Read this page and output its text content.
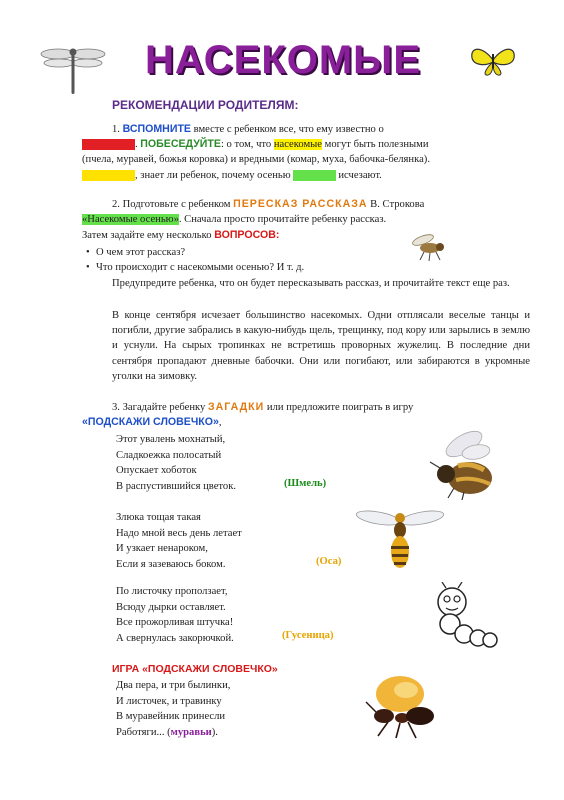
НАСЕКОМЫЕ
РЕКОМЕНДАЦИИ РОДИТЕЛЯМ:
1. ВСПОМНИТЕ вместе с ребенком все, что ему известно о
. ПОБЕСЕДУЙТЕ: о том, что насекомые могут быть полезными
(пчела, муравей, божья коровка) и вредными (комар, муха, бабочка-белянка).
, знает ли ребенок, почему осенью	исчезают.
2. Подготовьте с ребенком ПЕРЕСКАЗ РАССКАЗА В. Строкова
«Насекомые осенью». Сначала просто прочитайте ребенку рассказ.
Затем задайте ему несколько ВОПРОСОВ:
• О чем этот рассказ?
• Что происходит с насекомыми осенью? И т. д.
Предупредите ребенка, что он будет пересказывать рассказ, и прочитайте текст еще раз.
В конце сентября исчезает большинство насекомых. Одни отплясали веселые танцы и погибли, другие забрались в какую-нибудь щель, трещинку, под кору или зарылись в землю и уснули. На сырых тропинках не встретишь проворных жужелиц. В последние дни сентября пропадают дневные бабочки. Они или погибают, или забираются в укромные уголки на зимовку.
3. Загадайте ребенку ЗАГАДКИ или предложите поиграть в игру
«ПОДСКАЖИ СЛОВЕЧКО»,
Этот увалень мохнатый,
Сладкоежка полосатый
Опускает хоботок
В распустившийся цветок.	(Шмель)
Злюка тощая такая
Надо мной весь день летает
И узкает ненароком,
Если я зазеваюсь боком.	(Оса)
По листочку проползает,
Всюду дырки оставляет.
Все прожорливая штучка!
А свернулась закорючкой.	(Гусеница)
ИГРА «ПОДСКАЖИ СЛОВЕЧКО»
Два пера, и три былинки,
И листочек, и травинку
В муравейник принесли
Работяги... (муравьи).
